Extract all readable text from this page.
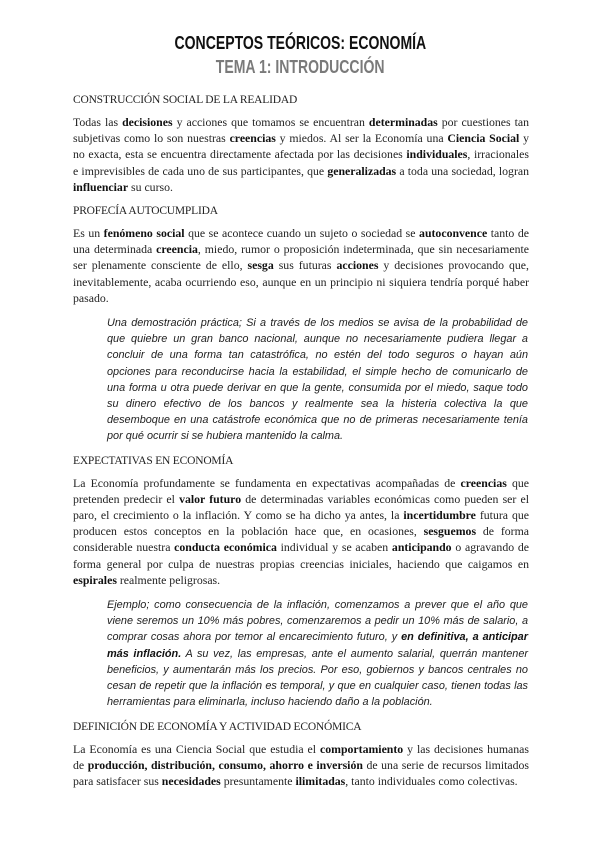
CONCEPTOS TEÓRICOS: ECONOMÍA
TEMA 1: INTRODUCCIÓN
CONSTRUCCIÓN SOCIAL DE LA REALIDAD
Todas las decisiones y acciones que tomamos se encuentran determinadas por cuestiones tan subjetivas como lo son nuestras creencias y miedos. Al ser la Economía una Ciencia Social y no exacta, esta se encuentra directamente afectada por las decisiones individuales, irracionales e imprevisibles de cada uno de sus participantes, que generalizadas a toda una sociedad, logran influenciar su curso.
PROFECÍA AUTOCUMPLIDA
Es un fenómeno social que se acontece cuando un sujeto o sociedad se autoconvence tanto de una determinada creencia, miedo, rumor o proposición indeterminada, que sin necesariamente ser plenamente consciente de ello, sesga sus futuras acciones y decisiones provocando que, inevitablemente, acaba ocurriendo eso, aunque en un principio ni siquiera tendría porqué haber pasado.
Una demostración práctica; Si a través de los medios se avisa de la probabilidad de que quiebre un gran banco nacional, aunque no necesariamente pudiera llegar a concluir de una forma tan catastrófica, no estén del todo seguros o hayan aún opciones para reconducirse hacia la estabilidad, el simple hecho de comunicarlo de una forma u otra puede derivar en que la gente, consumida por el miedo, saque todo su dinero efectivo de los bancos y realmente sea la histeria colectiva la que desemboque en una catástrofe económica que no de primeras necesariamente tenía por qué ocurrir si se hubiera mantenido la calma.
EXPECTATIVAS EN ECONOMÍA
La Economía profundamente se fundamenta en expectativas acompañadas de creencias que pretenden predecir el valor futuro de determinadas variables económicas como pueden ser el paro, el crecimiento o la inflación. Y como se ha dicho ya antes, la incertidumbre futura que producen estos conceptos en la población hace que, en ocasiones, sesguemos de forma considerable nuestra conducta económica individual y se acaben anticipando o agravando de forma general por culpa de nuestras propias creencias iniciales, haciendo que caigamos en espirales realmente peligrosas.
Ejemplo; como consecuencia de la inflación, comenzamos a prever que el año que viene seremos un 10% más pobres, comenzaremos a pedir un 10% más de salario, a comprar cosas ahora por temor al encarecimiento futuro, y en definitiva, a anticipar más inflación. A su vez, las empresas, ante el aumento salarial, querrán mantener beneficios, y aumentarán más los precios. Por eso, gobiernos y bancos centrales no cesan de repetir que la inflación es temporal, y que en cualquier caso, tienen todas las herramientas para eliminarla, incluso haciendo daño a la población.
DEFINICIÓN DE ECONOMÍA Y ACTIVIDAD ECONÓMICA
La Economía es una Ciencia Social que estudia el comportamiento y las decisiones humanas de producción, distribución, consumo, ahorro e inversión de una serie de recursos limitados para satisfacer sus necesidades presuntamente ilimitadas, tanto individuales como colectivas.
